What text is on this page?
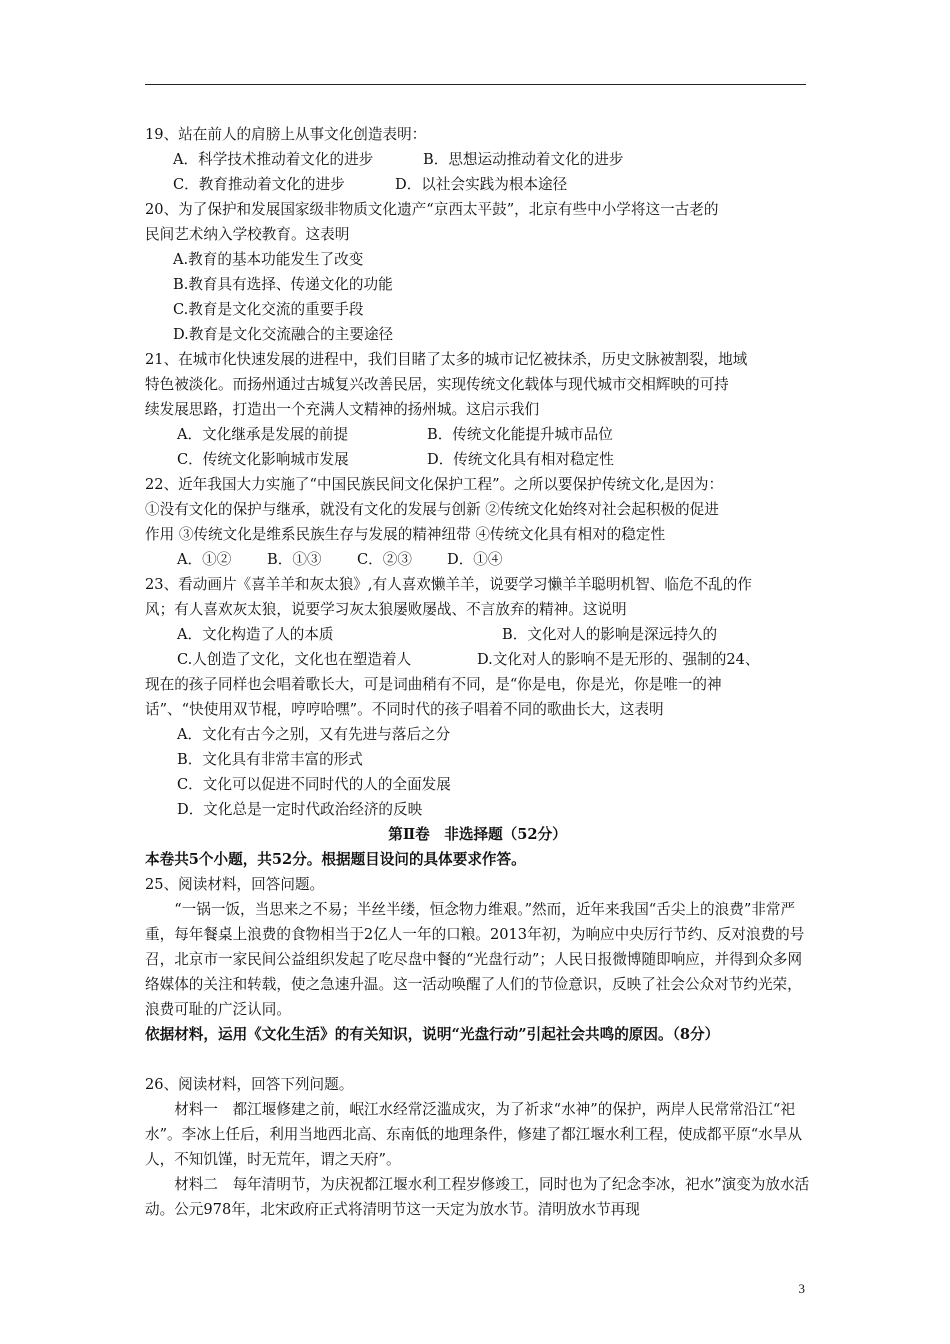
19、站在前人的肩膀上从事文化创造表明：
A．科学技术推动着文化的进步	B．思想运动推动着文化的进步
C．教育推动着文化的进步	D．以社会实践为根本途径
20、为了保护和发展国家级非物质文化遗产“京西太平鼓”，北京有些中小学将这一古老的
民间艺术纳入学校教育。这表明
A.教育的基本功能发生了改变
B.教育具有选择、传递文化的功能
C.教育是文化交流的重要手段
D.教育是文化交流融合的主要途径
21、在城市化快速发展的进程中，我们目睹了太多的城市记忆被抹杀，历史文脉被割裂，地域
特色被淡化。而扬州通过古城复兴改善民居，实现传统文化载体与现代城市交相辉映的可持
续发展思路，打造出一个充满人文精神的扬州城。这启示我们
A．文化继承是发展的前提	B．传统文化能提升城市品位
C．传统文化影响城市发展	D．传统文化具有相对稳定性
22、近年我国大力实施了“中国民族民间文化保护工程”。之所以要保护传统文化,是因为：
①没有文化的保护与继承，就没有文化的发展与创新 ②传统文化始终对社会起积极的促进
作用 ③传统文化是维系民族生存与发展的精神纽带 ④传统文化具有相对的稳定性
A．①②	B．①③	C．②③	D．①④
23、看动画片《喜羊羊和灰太狼》,有人喜欢懒羊羊，说要学习懒羊羊聪明机智、临危不乱的作
风；有人喜欢灰太狼，说要学习灰太狼屡败屡战、不言放弃的精神。这说明
A．文化构造了人的本质	B．文化对人的影响是深远持久的
C.人创造了文化，文化也在塑造着人	D.文化对人的影响不是无形的、强制的24、
现在的孩子同样也会唱着歌长大，可是词曲稍有不同，是“你是电，你是光，你是唯一的神
话”、“快使用双节棍，哼哼哈嘿”。不同时代的孩子唱着不同的歌曲长大，这表明
A．文化有古今之别，又有先进与落后之分
B．文化具有非常丰富的形式
C．文化可以促进不同时代的人的全面发展
D．文化总是一定时代政治经济的反映
第Ⅱ卷　非选择题（52分）
本卷共5个小题，共52分。根据题目设问的具体要求作答。
25、阅读材料，回答问题。
“一锅一饭，当思来之不易；半丝半缕，恒念物力维艰。”然而，近年来我国“舌尖上的浪费”非常严重，每年餐桌上浪费的食物相当于2亿人一年的口粮。2013年初，为响应中央厉行节约、反对浪费的号召，北京市一家民间公益组织发起了吃尽盘中餐的“光盘行动”；人民日报微博随即响应，并得到众多网络媒体的关注和转载，使之急速升温。这一活动唤醒了人们的节俭意识，反映了社会公众对节约光荣，浪费可耻的广泛认同。
依据材料，运用《文化生活》的有关知识，说明“光盘行动”引起社会共鸣的原因。（8分）
26、阅读材料，回答下列问题。
材料一　都江堰修建之前，岷江水经常泛滥成灾，为了祈求“水神”的保护，两岸人民常常沿江“祀水”。李冰上任后，利用当地西北高、东南低的地理条件，修建了都江堰水利工程，使成都平原“水旱从人，不知饥馑，时无荒年，谓之天府”。
材料二　每年清明节，为庆祝都江堰水利工程岁修竣工，同时也为了纪念李冰，祀水”演变为放水活动。公元978年，北宋政府正式将清明节这一天定为放水节。清明放水节再现
3
